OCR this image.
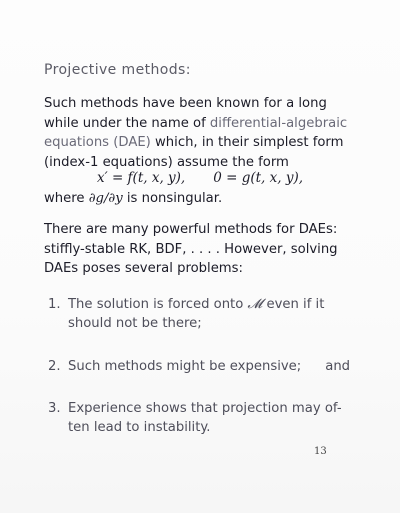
Projective methods:
Such methods have been known for a long
while under the name of differential-algebraic
equations (DAE) which, in their simplest form
(index-1 equations) assume the form
x′ = f(t, x, y), 0 = g(t, x, y),
where ∂g/∂y is nonsingular.
There are many powerful methods for DAEs:
stiffly-stable RK, BDF, . . . . However, solving
DAEs poses several problems:
1. The solution is forced onto 𝓜 even if it
should not be there;
2. Such methods might be expensive; and
3. Experience shows that projection may of-
ten lead to instability.
13
